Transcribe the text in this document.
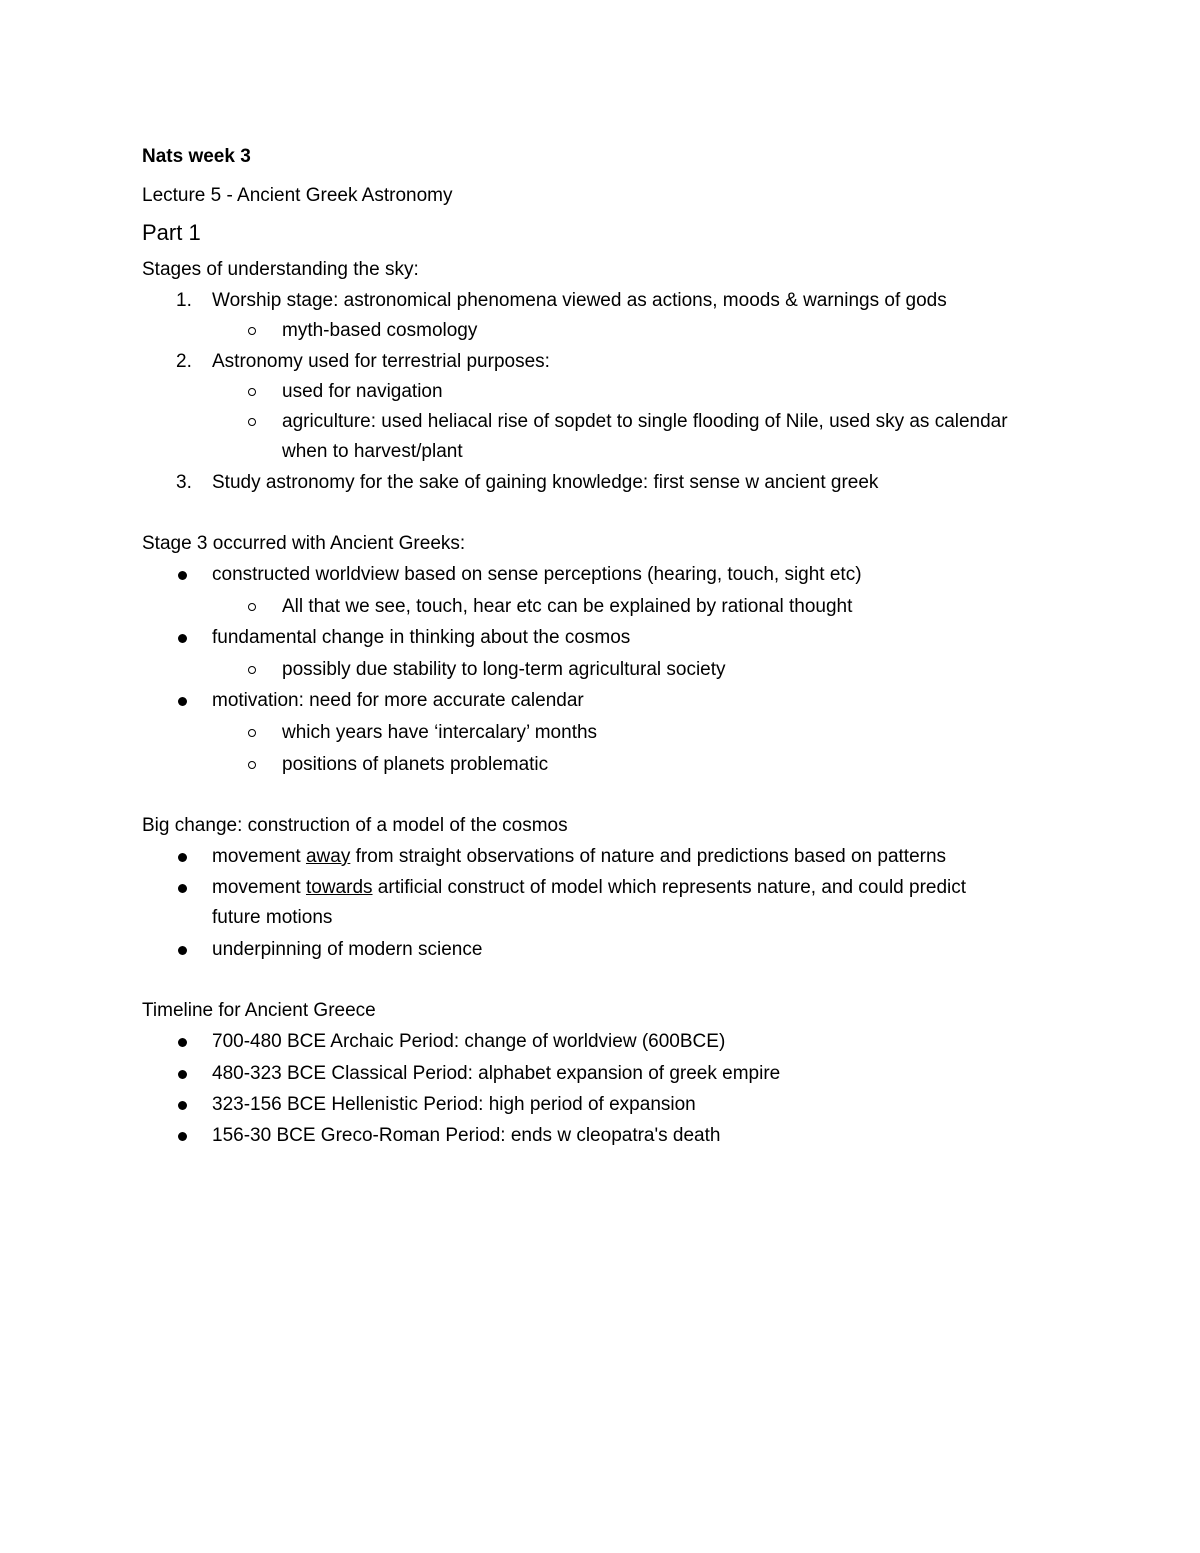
Nats week 3
Lecture 5 - Ancient Greek Astronomy
Part 1
Stages of understanding the sky:
1. Worship stage: astronomical phenomena viewed as actions, moods & warnings of gods
myth-based cosmology
2. Astronomy used for terrestrial purposes:
used for navigation
agriculture: used heliacal rise of sopdet to single flooding of Nile, used sky as calendar
when to harvest/plant
3. Study astronomy for the sake of gaining knowledge: first sense w ancient greek
Stage 3 occurred with Ancient Greeks:
constructed worldview based on sense perceptions (hearing, touch, sight etc)
All that we see, touch, hear etc can be explained by rational thought
fundamental change in thinking about the cosmos
possibly due stability to long-term agricultural society
motivation: need for more accurate calendar
which years have ‘intercalary’ months
positions of planets problematic
Big change: construction of a model of the cosmos
movement away from straight observations of nature and predictions based on patterns
movement towards artificial construct of model which represents nature, and could predict
future motions
underpinning of modern science
Timeline for Ancient Greece
700-480 BCE Archaic Period: change of worldview (600BCE)
480-323 BCE Classical Period: alphabet expansion of greek empire
323-156 BCE Hellenistic Period: high period of expansion
156-30 BCE Greco-Roman Period: ends w cleopatra's death
